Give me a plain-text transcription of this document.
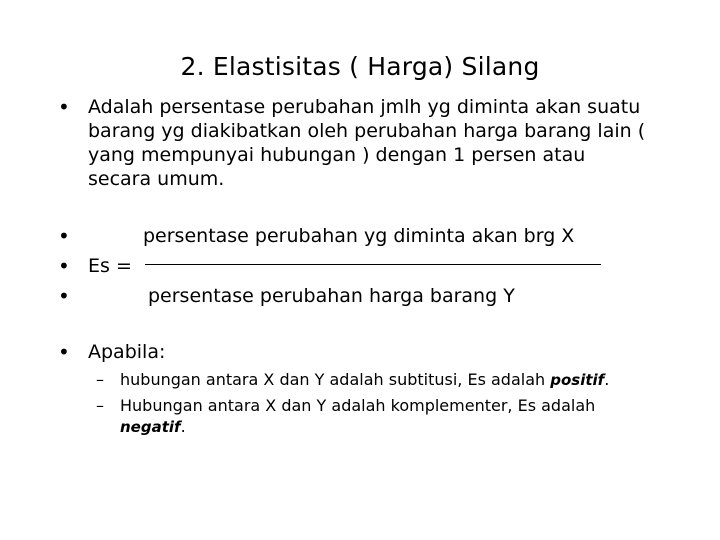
2. Elastisitas ( Harga) Silang
• Adalah persentase perubahan jmlh yg diminta akan suatu barang yg diakibatkan oleh perubahan harga barang lain ( yang mempunyai hubungan ) dengan 1 persen atau secara umum.
•	persentase perubahan yg diminta akan brg X
• Es =
•	persentase perubahan harga barang Y
• Apabila:
– hubungan antara X dan Y adalah subtitusi, Es adalah positif.
– Hubungan antara X dan Y adalah komplementer, Es adalah negatif.
